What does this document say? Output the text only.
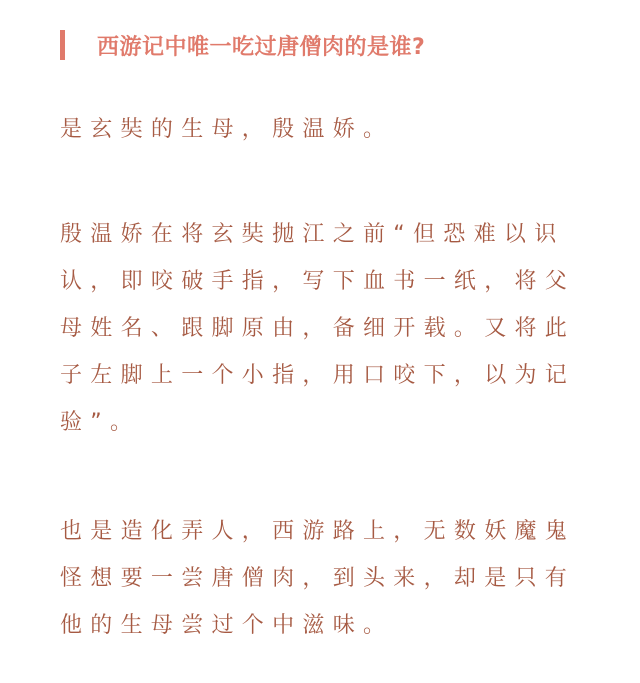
西游记中唯一吃过唐僧肉的是谁?

是玄奘的生母，殷温娇。

殷温娇在将玄奘抛江之前“但恐难以识
认，即咬破手指，写下血书一纸，将父
母姓名、跟脚原由，备细开载。又将此
子左脚上一个小指，用口咬下，以为记
验”。

也是造化弄人，西游路上，无数妖魔鬼
怪想要一尝唐僧肉，到头来，却是只有
他的生母尝过个中滋味。
